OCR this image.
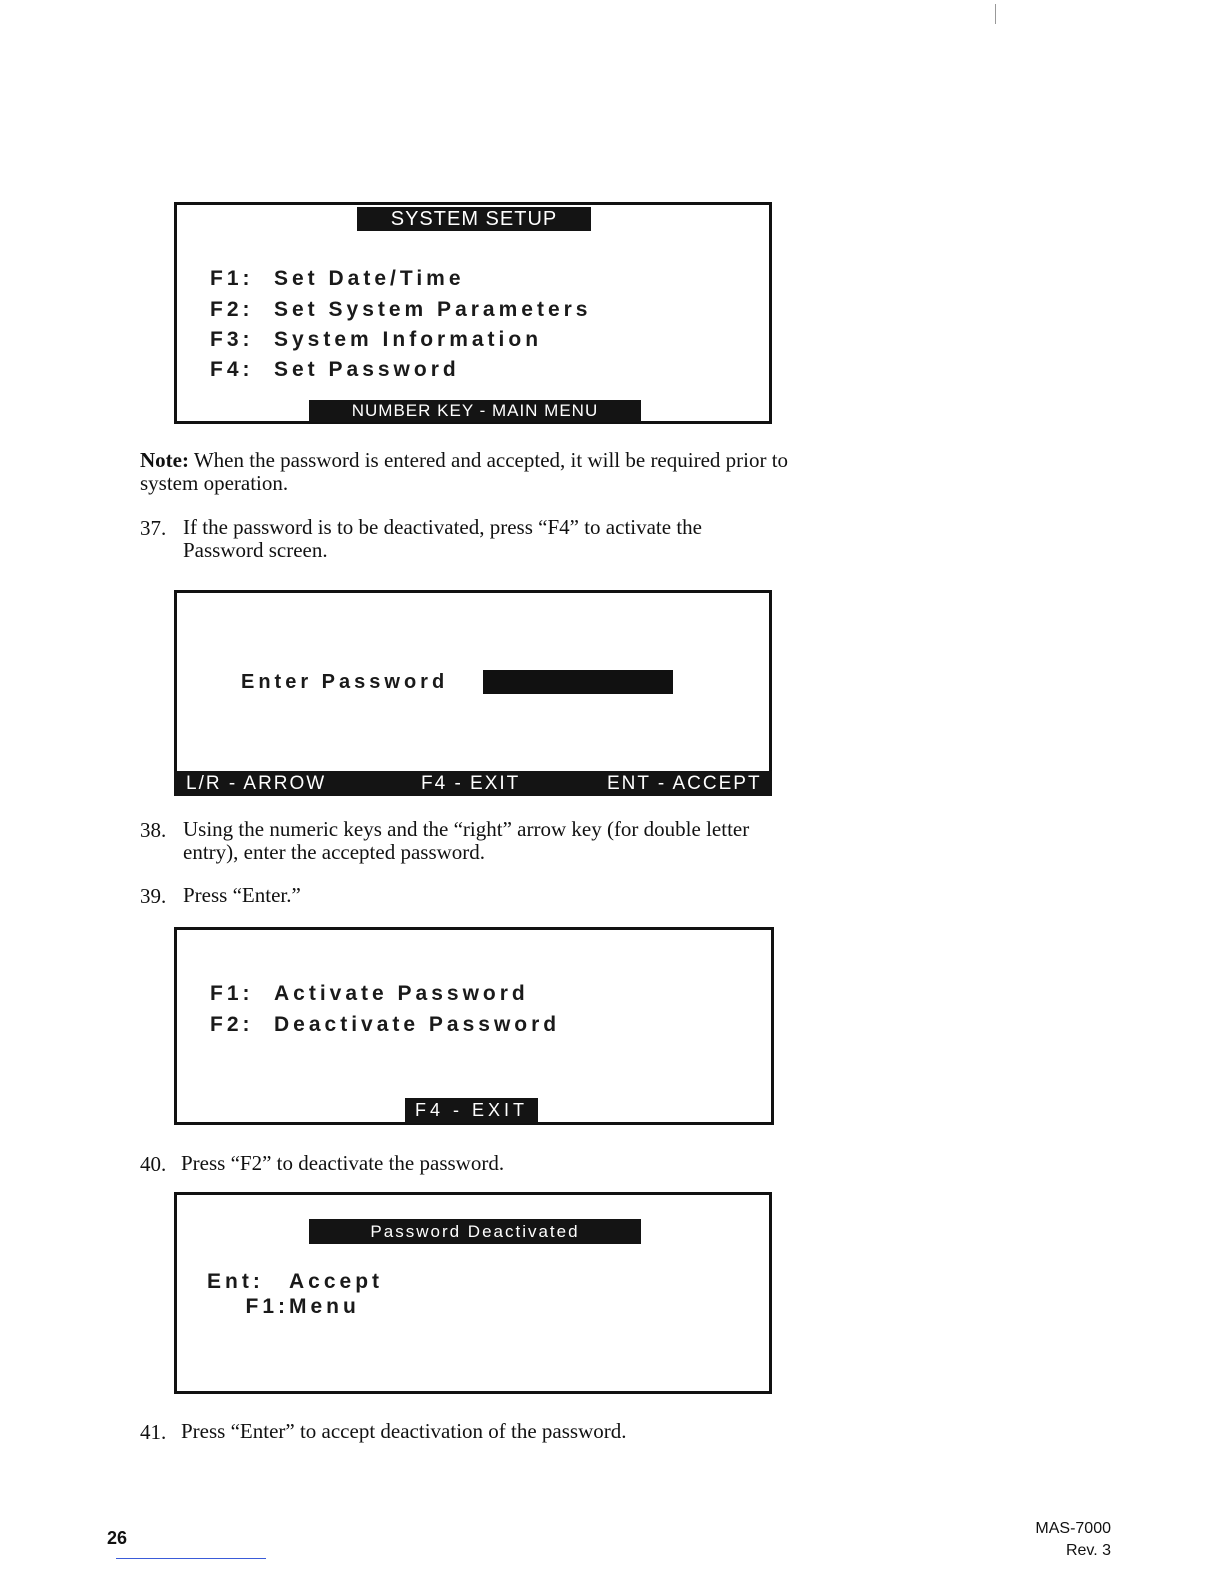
SYSTEM SETUP
F1: Set Date/Time
F2: Set System Parameters
F3: System Information
F4: Set Password
NUMBER KEY - MAIN MENU
Note: When the password is entered and accepted, it will be required prior to system operation.
37. If the password is to be deactivated, press “F4” to activate the Password screen.
Enter Password
L/R - ARROW	F4 - EXIT	ENT - ACCEPT
38. Using the numeric keys and the “right” arrow key (for double letter entry), enter the accepted password.
39. Press “Enter.”
F1: Activate Password
F2: Deactivate Password
F4 - EXIT
40. Press “F2” to deactivate the password.
Password Deactivated
Ent: Accept
F1:Menu
41. Press “Enter” to accept deactivation of the password.
26	MAS-7000
Rev. 3
